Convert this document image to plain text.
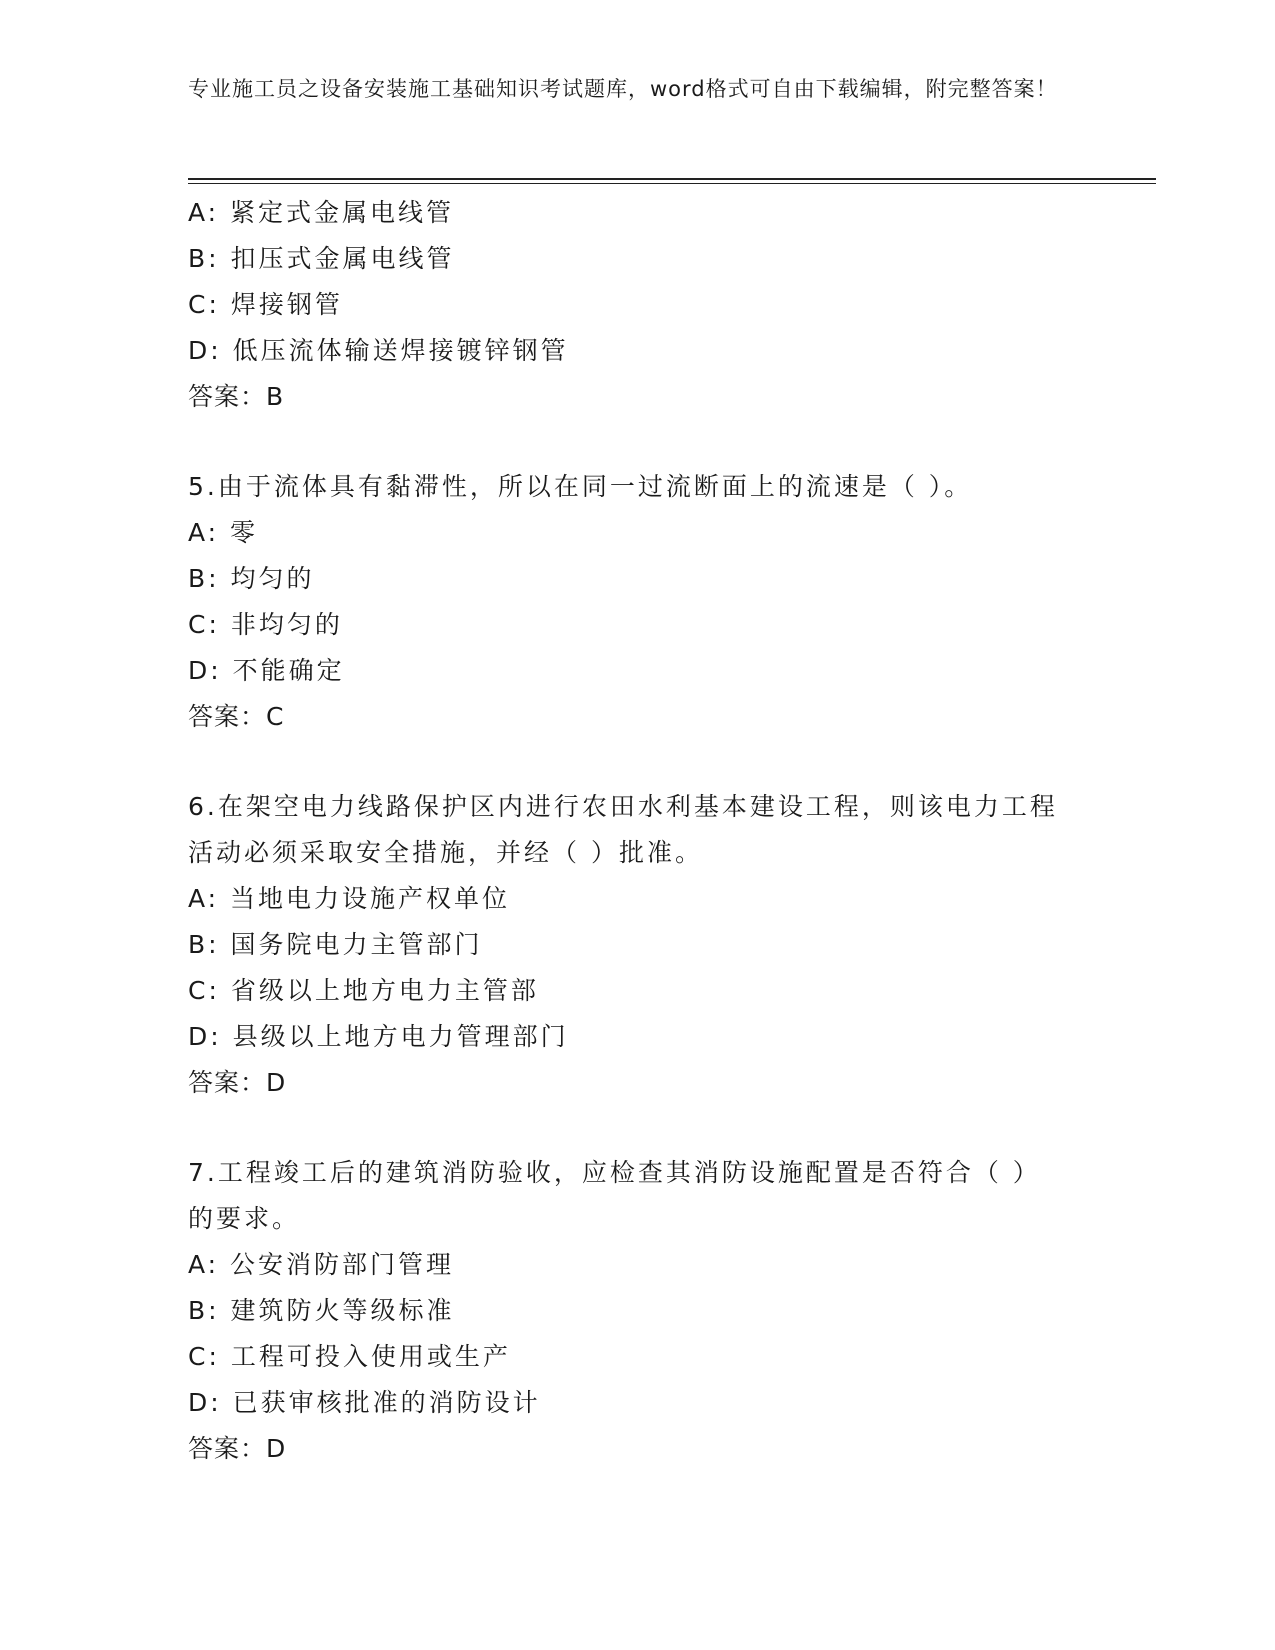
专业施工员之设备安装施工基础知识考试题库，word格式可自由下载编辑，附完整答案！
A: 紧定式金属电线管
B: 扣压式金属电线管
C: 焊接钢管
D: 低压流体输送焊接镀锌钢管
答案：B
5.由于流体具有黏滞性，所以在同一过流断面上的流速是（ ）。
A: 零
B: 均匀的
C: 非均匀的
D: 不能确定
答案：C
6.在架空电力线路保护区内进行农田水利基本建设工程，则该电力工程活动必须采取安全措施，并经（ ）批准。
A: 当地电力设施产权单位
B: 国务院电力主管部门
C: 省级以上地方电力主管部
D: 县级以上地方电力管理部门
答案：D
7.工程竣工后的建筑消防验收，应检查其消防设施配置是否符合（ ）的要求。
A: 公安消防部门管理
B: 建筑防火等级标准
C: 工程可投入使用或生产
D: 已获审核批准的消防设计
答案：D
